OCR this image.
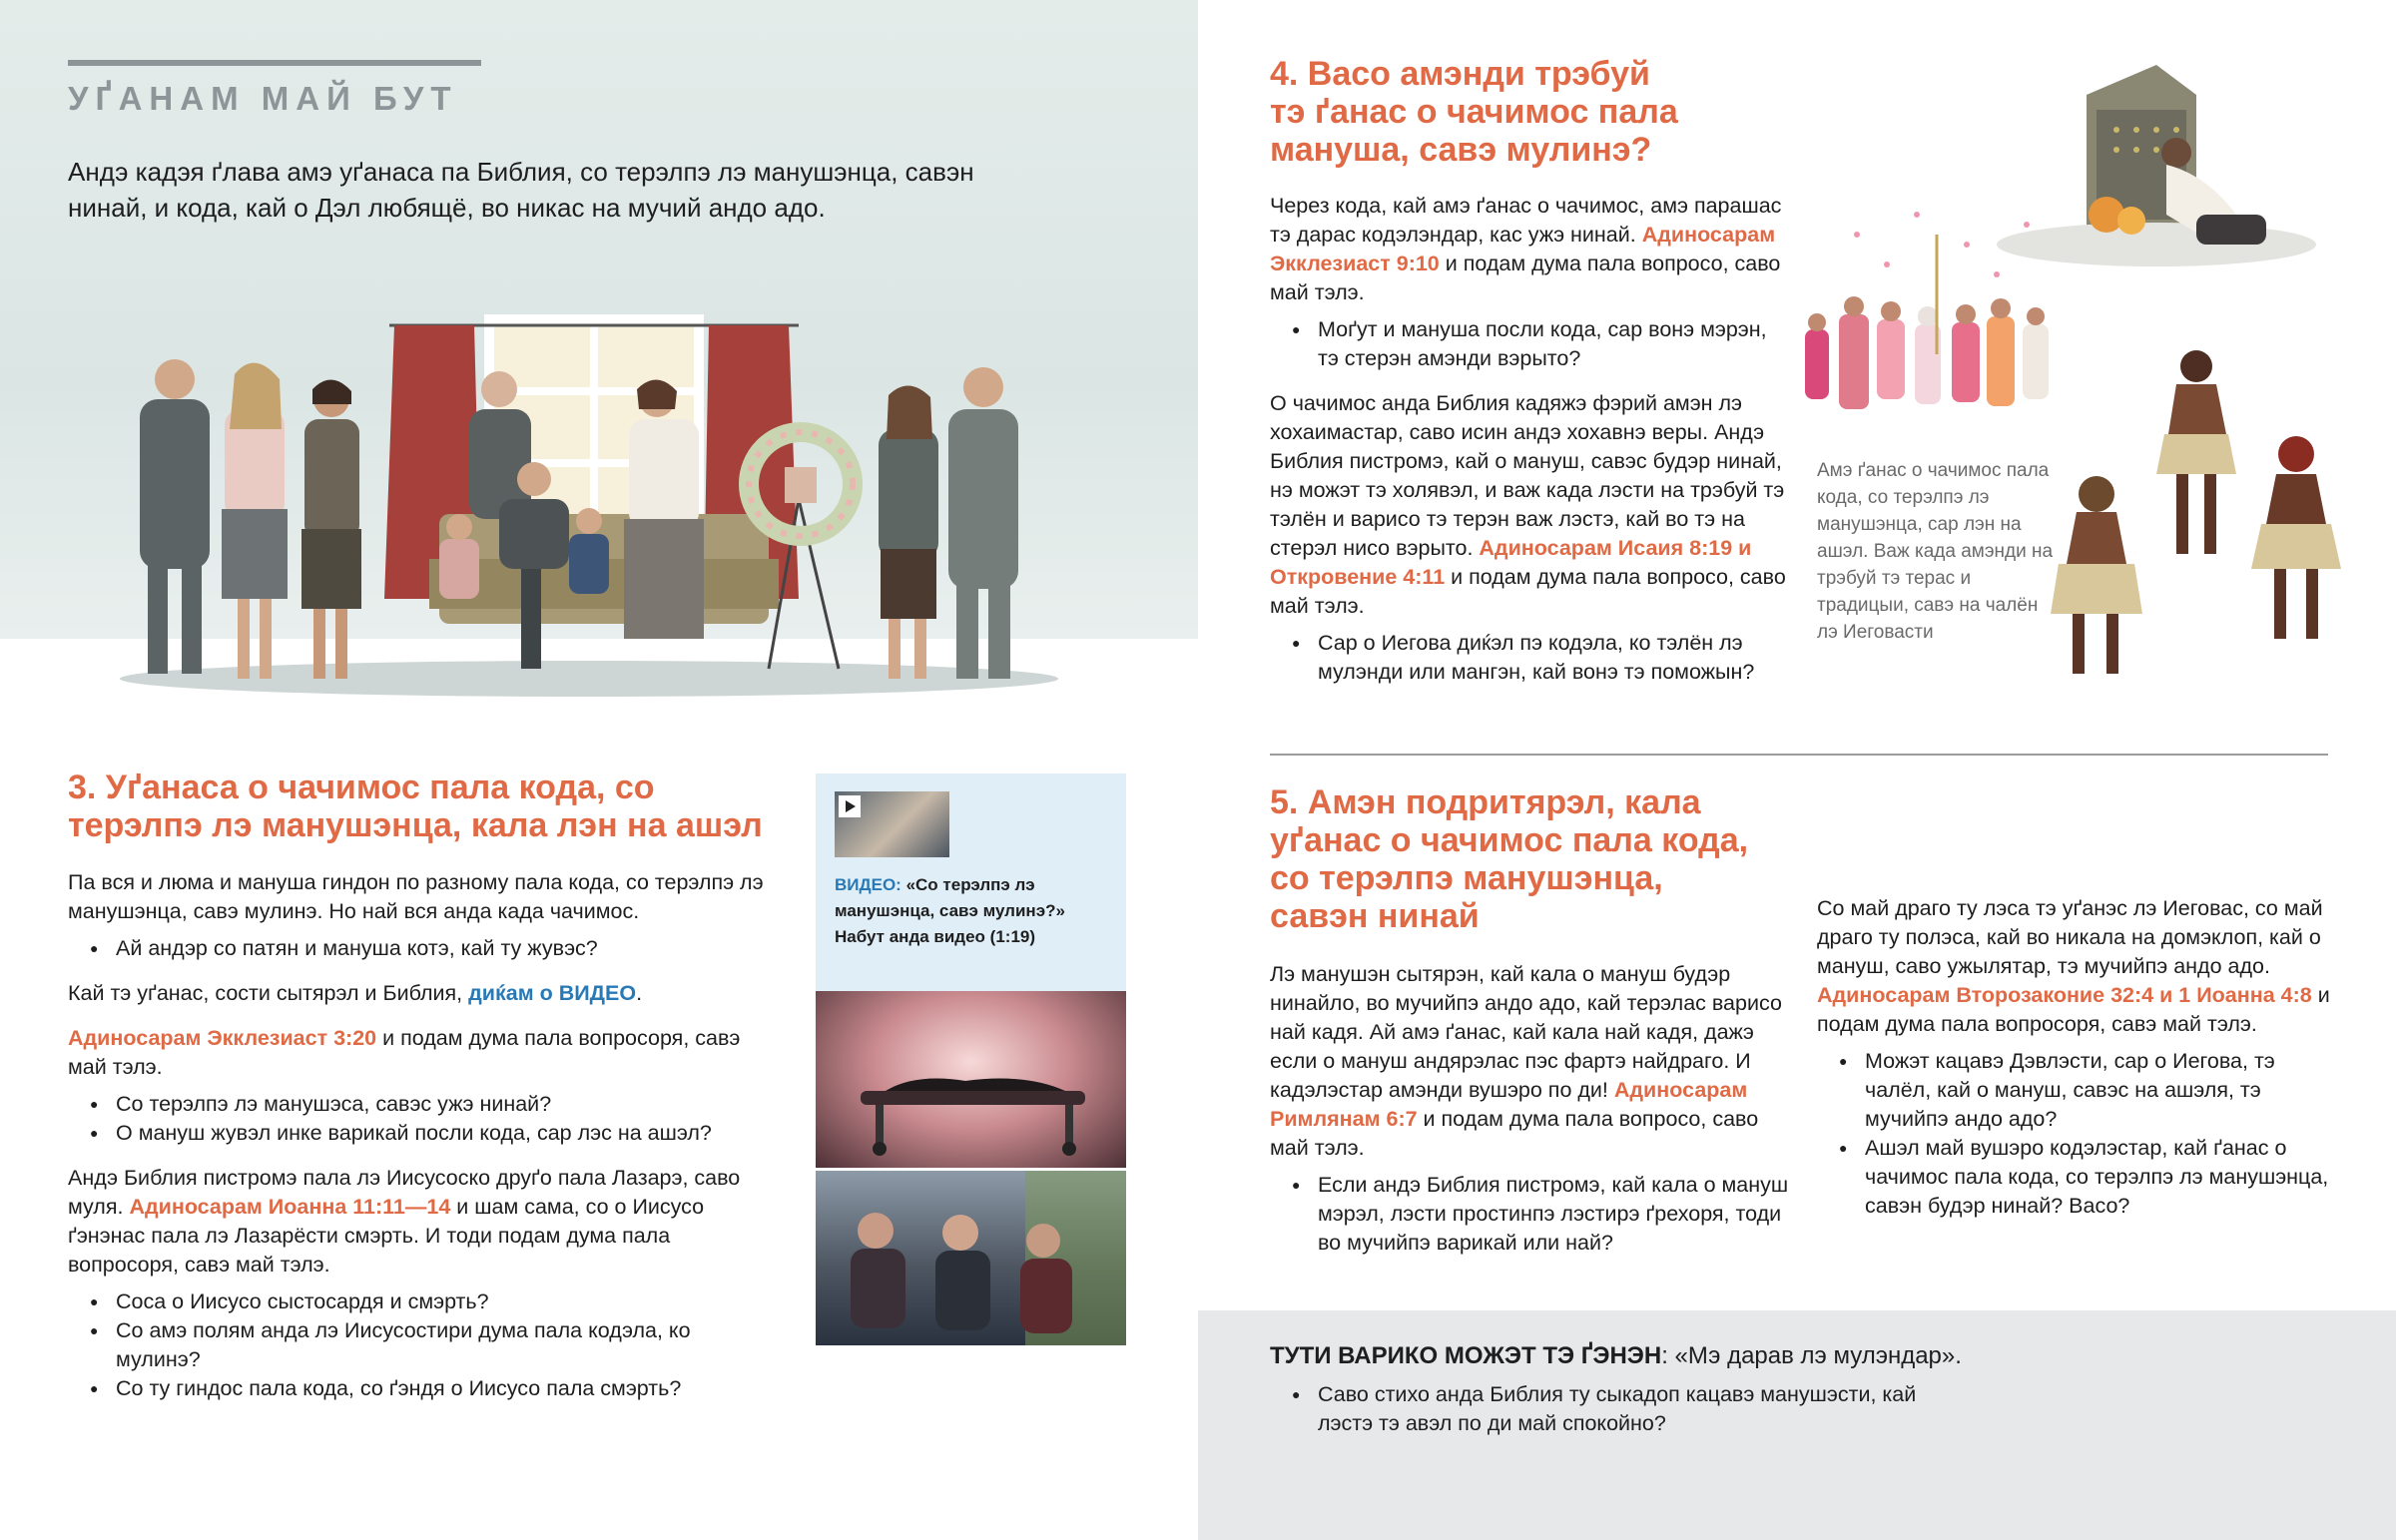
УҐАНАМ МАЙ БУТ

Андэ кадэя ґлава амэ уґанаса па Библия, со терэлпэ лэ манушэнца, савэн нинай, и кода, кай о Дэл любящё, во никас на мучий андо адо.

3. Уґанаса о чачимос пала кода, со терэлпэ лэ манушэнца, кала лэн на ашэл

Па вся и люма и мануша гиндон по разному пала кода, со терэлпэ лэ манушэнца, савэ мулинэ. Но най вся анда када чачимос.

● Ай андэр со патян и мануша котэ, кай ту жувэс?

Кай тэ уґанас, сости сытярэл и Библия, диќам о ВИДЕО.

Адиносарам Экклезиаст 3:20 и подам дума пала вопросоря, савэ май тэлэ.

● Со терэлпэ лэ манушэса, савэс ужэ нинай?
● О мануш жувэл инке варикай посли кода, сар лэс на ашэл?

Андэ Библия пистромэ пала лэ Иисусоско друґо пала Лазарэ, саво муля. Адиносарам Иоанна 11:11—14 и шам сама, со о Иисусо ґэнэнас пала лэ Лазарёсти смэрть. И тоди подам дума пала вопросоря, савэ май тэлэ.

● Соса о Иисусо сыстосардя и смэрть?
● Со амэ полям анда лэ Иисусостири дума пала кодэла, ко мулинэ?
● Со ту гиндос пала кода, со ґэндя о Иисусо пала смэрть?
ВИДЕО: «Со терэлпэ лэ манушэнца, савэ мулинэ?»
Набут анда видео (1:19)
4. Васо амэнди трэбуй тэ ґанас о чачимос пала мануша, савэ мулинэ?

Через кода, кай амэ ґанас о чачимос, амэ парашас тэ дарас кодэлэндар, кас ужэ нинай. Адиносарам Экклезиаст 9:10 и подам дума пала вопросо, саво май тэлэ.

● Моґут и мануша посли кода, сар вонэ мэрэн, тэ стерэн амэнди вэрыто?

О чачимос анда Библия кадяжэ фэрий амэн лэ хохаимастар, саво исин андэ хохавнэ веры. Андэ Библия пистромэ, кай о мануш, савэс будэр нинай, нэ можэт тэ холявэл, и важ када лэсти на трэбуй тэ тэлён и варисо тэ терэн важ лэстэ, кай во тэ на стерэл нисо вэрыто. Адиносарам Исаия 8:19 и Откровение 4:11 и подам дума пала вопросо, саво май тэлэ.

● Сар о Иегова диќэл пэ кодэла, ко тэлён лэ мулэнди или мангэн, кай вонэ тэ поможын?

Амэ ґанас о чачимос пала кода, со терэлпэ лэ манушэнца, сар лэн на ашэл. Важ када амэнди на трэбуй тэ терас и традицыи, савэ на чалён лэ Иеговасти

5. Амэн подритярэл, кала уґанас о чачимос пала кода, со терэлпэ манушэнца, савэн нинай

Лэ манушэн сытярэн, кай кала о мануш будэр нинайло, во мучийпэ андо адо, кай терэлас варисо най кадя. Ай амэ ґанас, кай кала най кадя, дажэ если о мануш андярэлас пэс фартэ найдраго. И кадэлэстар амэнди вушэро по ди! Адиносарам Римлянам 6:7 и подам дума пала вопросо, саво май тэлэ.

● Если андэ Библия пистромэ, кай кала о мануш мэрэл, лэсти простинпэ лэстирэ ґрехоря, тоди во мучийпэ варикай или най?

Со май драго ту лэса тэ уґанэс лэ Иеговас, со май драго ту полэса, кай во никала на домэклоп, кай о мануш, саво ужылятар, тэ мучийпэ андо адо. Адиносарам Второзаконие 32:4 и 1 Иоанна 4:8 и подам дума пала вопросоря, савэ май тэлэ.

● Можэт кацавэ Дэвлэсти, сар о Иегова, тэ чалёл, кай о мануш, савэс на ашэля, тэ мучийпэ андо адо?
● Ашэл май вушэро кодэлэстар, кай ґанас о чачимос пала кода, со терэлпэ лэ манушэнца, савэн будэр нинай? Васо?

ТУТИ ВАРИКО МОЖЭТ ТЭ ҐЭНЭН: «Мэ дарав лэ мулэндар».

● Саво стихо анда Библия ту сыкадоп кацавэ манушэсти, кай лэстэ тэ авэл по ди май спокойно?
